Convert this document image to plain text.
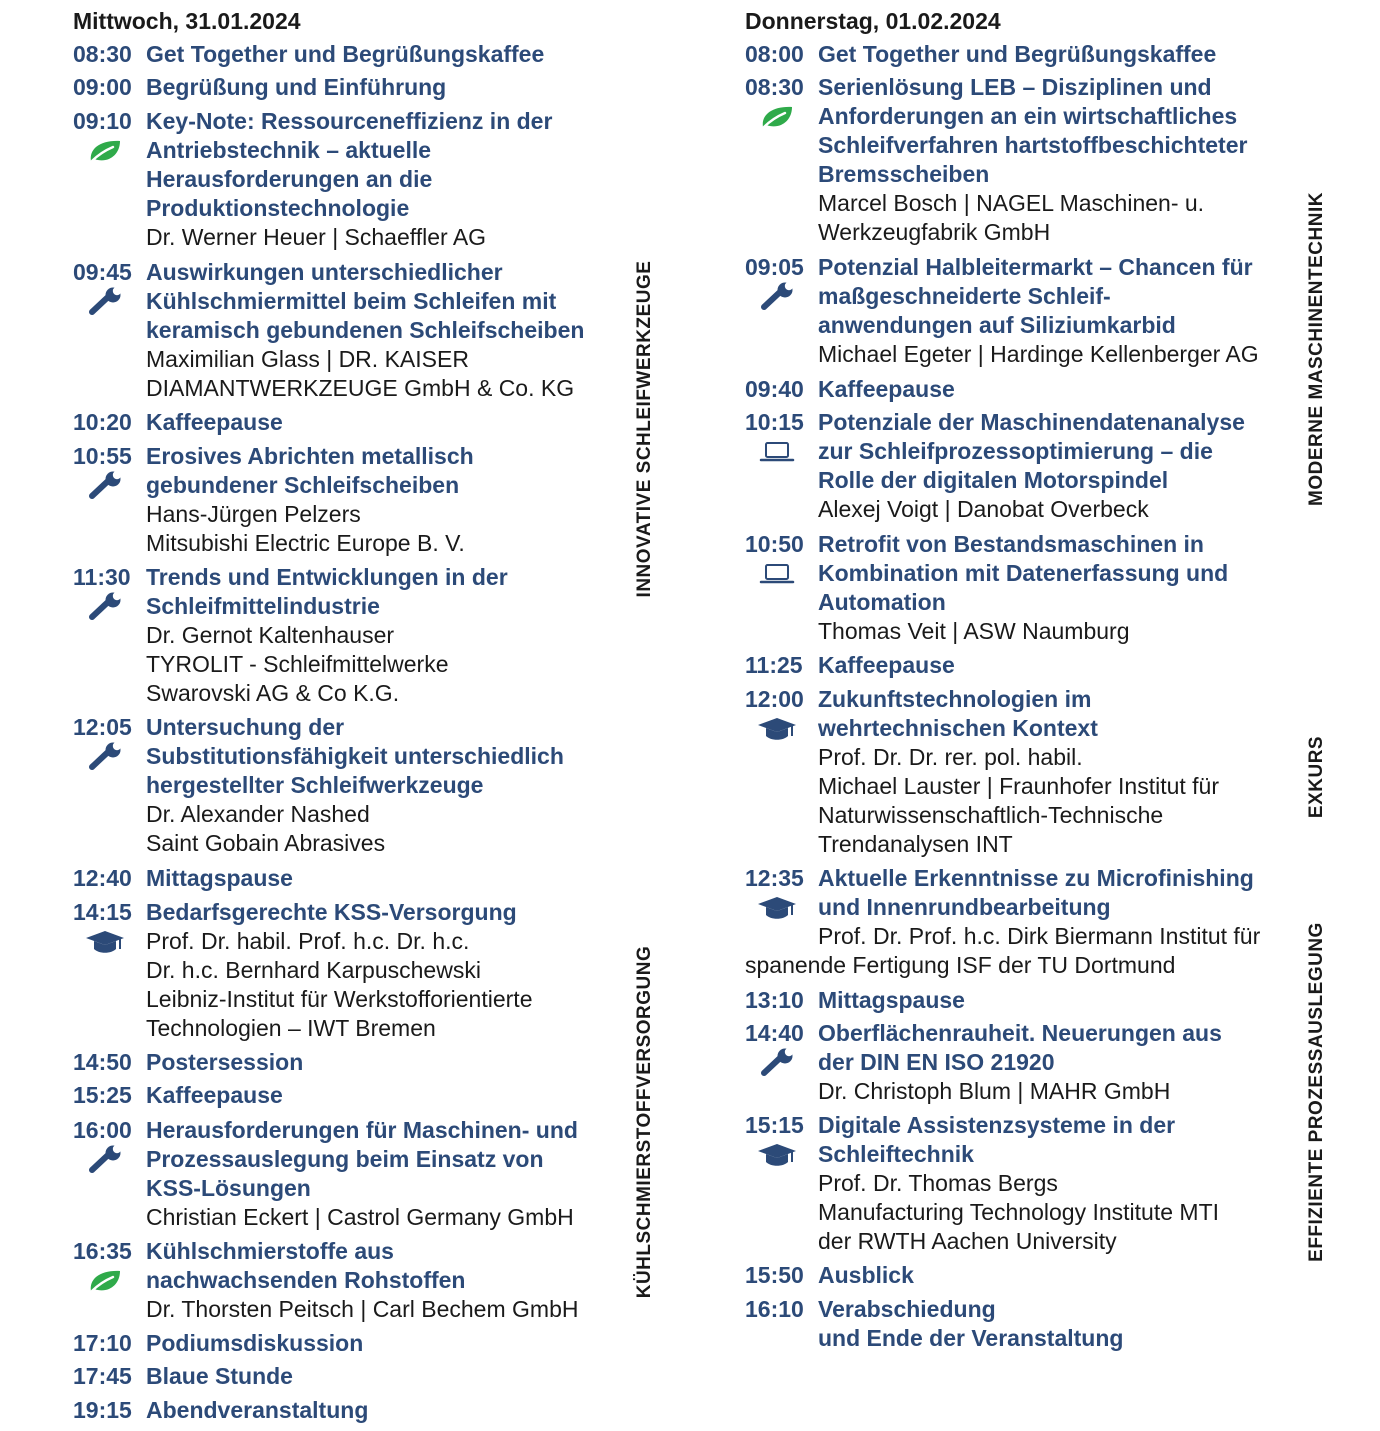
Mittwoch, 31.01.2024
08:30 Get Together und Begrüßungskaffee
09:00 Begrüßung und Einführung
09:10 Key-Note: Ressourceneffizienz in der
Antriebstechnik – aktuelle
Herausforderungen an die
Produktionstechnologie
Dr. Werner Heuer | Schaeffler AG
09:45 Auswirkungen unterschiedlicher
Kühlschmiermittel beim Schleifen mit
keramisch gebundenen Schleifscheiben
Maximilian Glass | DR. KAISER
DIAMANTWERKZEUGE GmbH & Co. KG
10:20 Kaffeepause
10:55 Erosives Abrichten metallisch
gebundener Schleifscheiben
Hans-Jürgen Pelzers
Mitsubishi Electric Europe B. V.
11:30 Trends und Entwicklungen in der
Schleifmittelindustrie
Dr. Gernot Kaltenhauser
TYROLIT - Schleifmittelwerke
Swarovski AG & Co K.G.
12:05 Untersuchung der
Substitutionsfähigkeit unterschiedlich
hergestellter Schleifwerkzeuge
Dr. Alexander Nashed
Saint Gobain Abrasives
12:40 Mittagspause
14:15 Bedarfsgerechte KSS-Versorgung
Prof. Dr. habil. Prof. h.c. Dr. h.c.
Dr. h.c. Bernhard Karpuschewski
Leibniz-Institut für Werkstofforientierte
Technologien – IWT Bremen
14:50 Postersession
15:25 Kaffeepause
16:00 Herausforderungen für Maschinen- und
Prozessauslegung beim Einsatz von
KSS-Lösungen
Christian Eckert | Castrol Germany GmbH
16:35 Kühlschmierstoffe aus
nachwachsenden Rohstoffen
Dr. Thorsten Peitsch | Carl Bechem GmbH
17:10 Podiumsdiskussion
17:45 Blaue Stunde
19:15 Abendveranstaltung
Donnerstag, 01.02.2024
08:00 Get Together und Begrüßungskaffee
08:30 Serienlösung LEB – Disziplinen und
Anforderungen an ein wirtschaftliches
Schleifverfahren hartstoffbeschichteter
Bremsscheiben
Marcel Bosch | NAGEL Maschinen- u.
Werkzeugfabrik GmbH
09:05 Potenzial Halbleitermarkt – Chancen für
maßgeschneiderte Schleif-
anwendungen auf Siliziumkarbid
Michael Egeter | Hardinge Kellenberger AG
09:40 Kaffeepause
10:15 Potenziale der Maschinendatenanalyse
zur Schleifprozessoptimierung – die
Rolle der digitalen Motorspindel
Alexej Voigt | Danobat Overbeck
10:50 Retrofit von Bestandsmaschinen in
Kombination mit Datenerfassung und
Automation
Thomas Veit | ASW Naumburg
11:25 Kaffeepause
12:00 Zukunftstechnologien im
wehrtechnischen Kontext
Prof. Dr. Dr. rer. pol. habil.
Michael Lauster | Fraunhofer Institut für
Naturwissenschaftlich-Technische
Trendanalysen INT
12:35 Aktuelle Erkenntnisse zu Microfinishing
und Innenrundbearbeitung
Prof. Dr. Prof. h.c. Dirk Biermann Institut für
spanende Fertigung ISF der TU Dortmund
13:10 Mittagspause
14:40 Oberflächenrauheit. Neuerungen aus
der DIN EN ISO 21920
Dr. Christoph Blum | MAHR GmbH
15:15 Digitale Assistenzsysteme in der
Schleiftechnik
Prof. Dr. Thomas Bergs
Manufacturing Technology Institute MTI
der RWTH Aachen University
15:50 Ausblick
16:10 Verabschiedung
und Ende der Veranstaltung
INNOVATIVE SCHLEIFWERKZEUGE
KÜHLSCHMIERSTOFFVERSORGUNG
MODERNE MASCHINENTECHNIK
EXKURS
EFFIZIENTE PROZESSAUSLEGUNG
